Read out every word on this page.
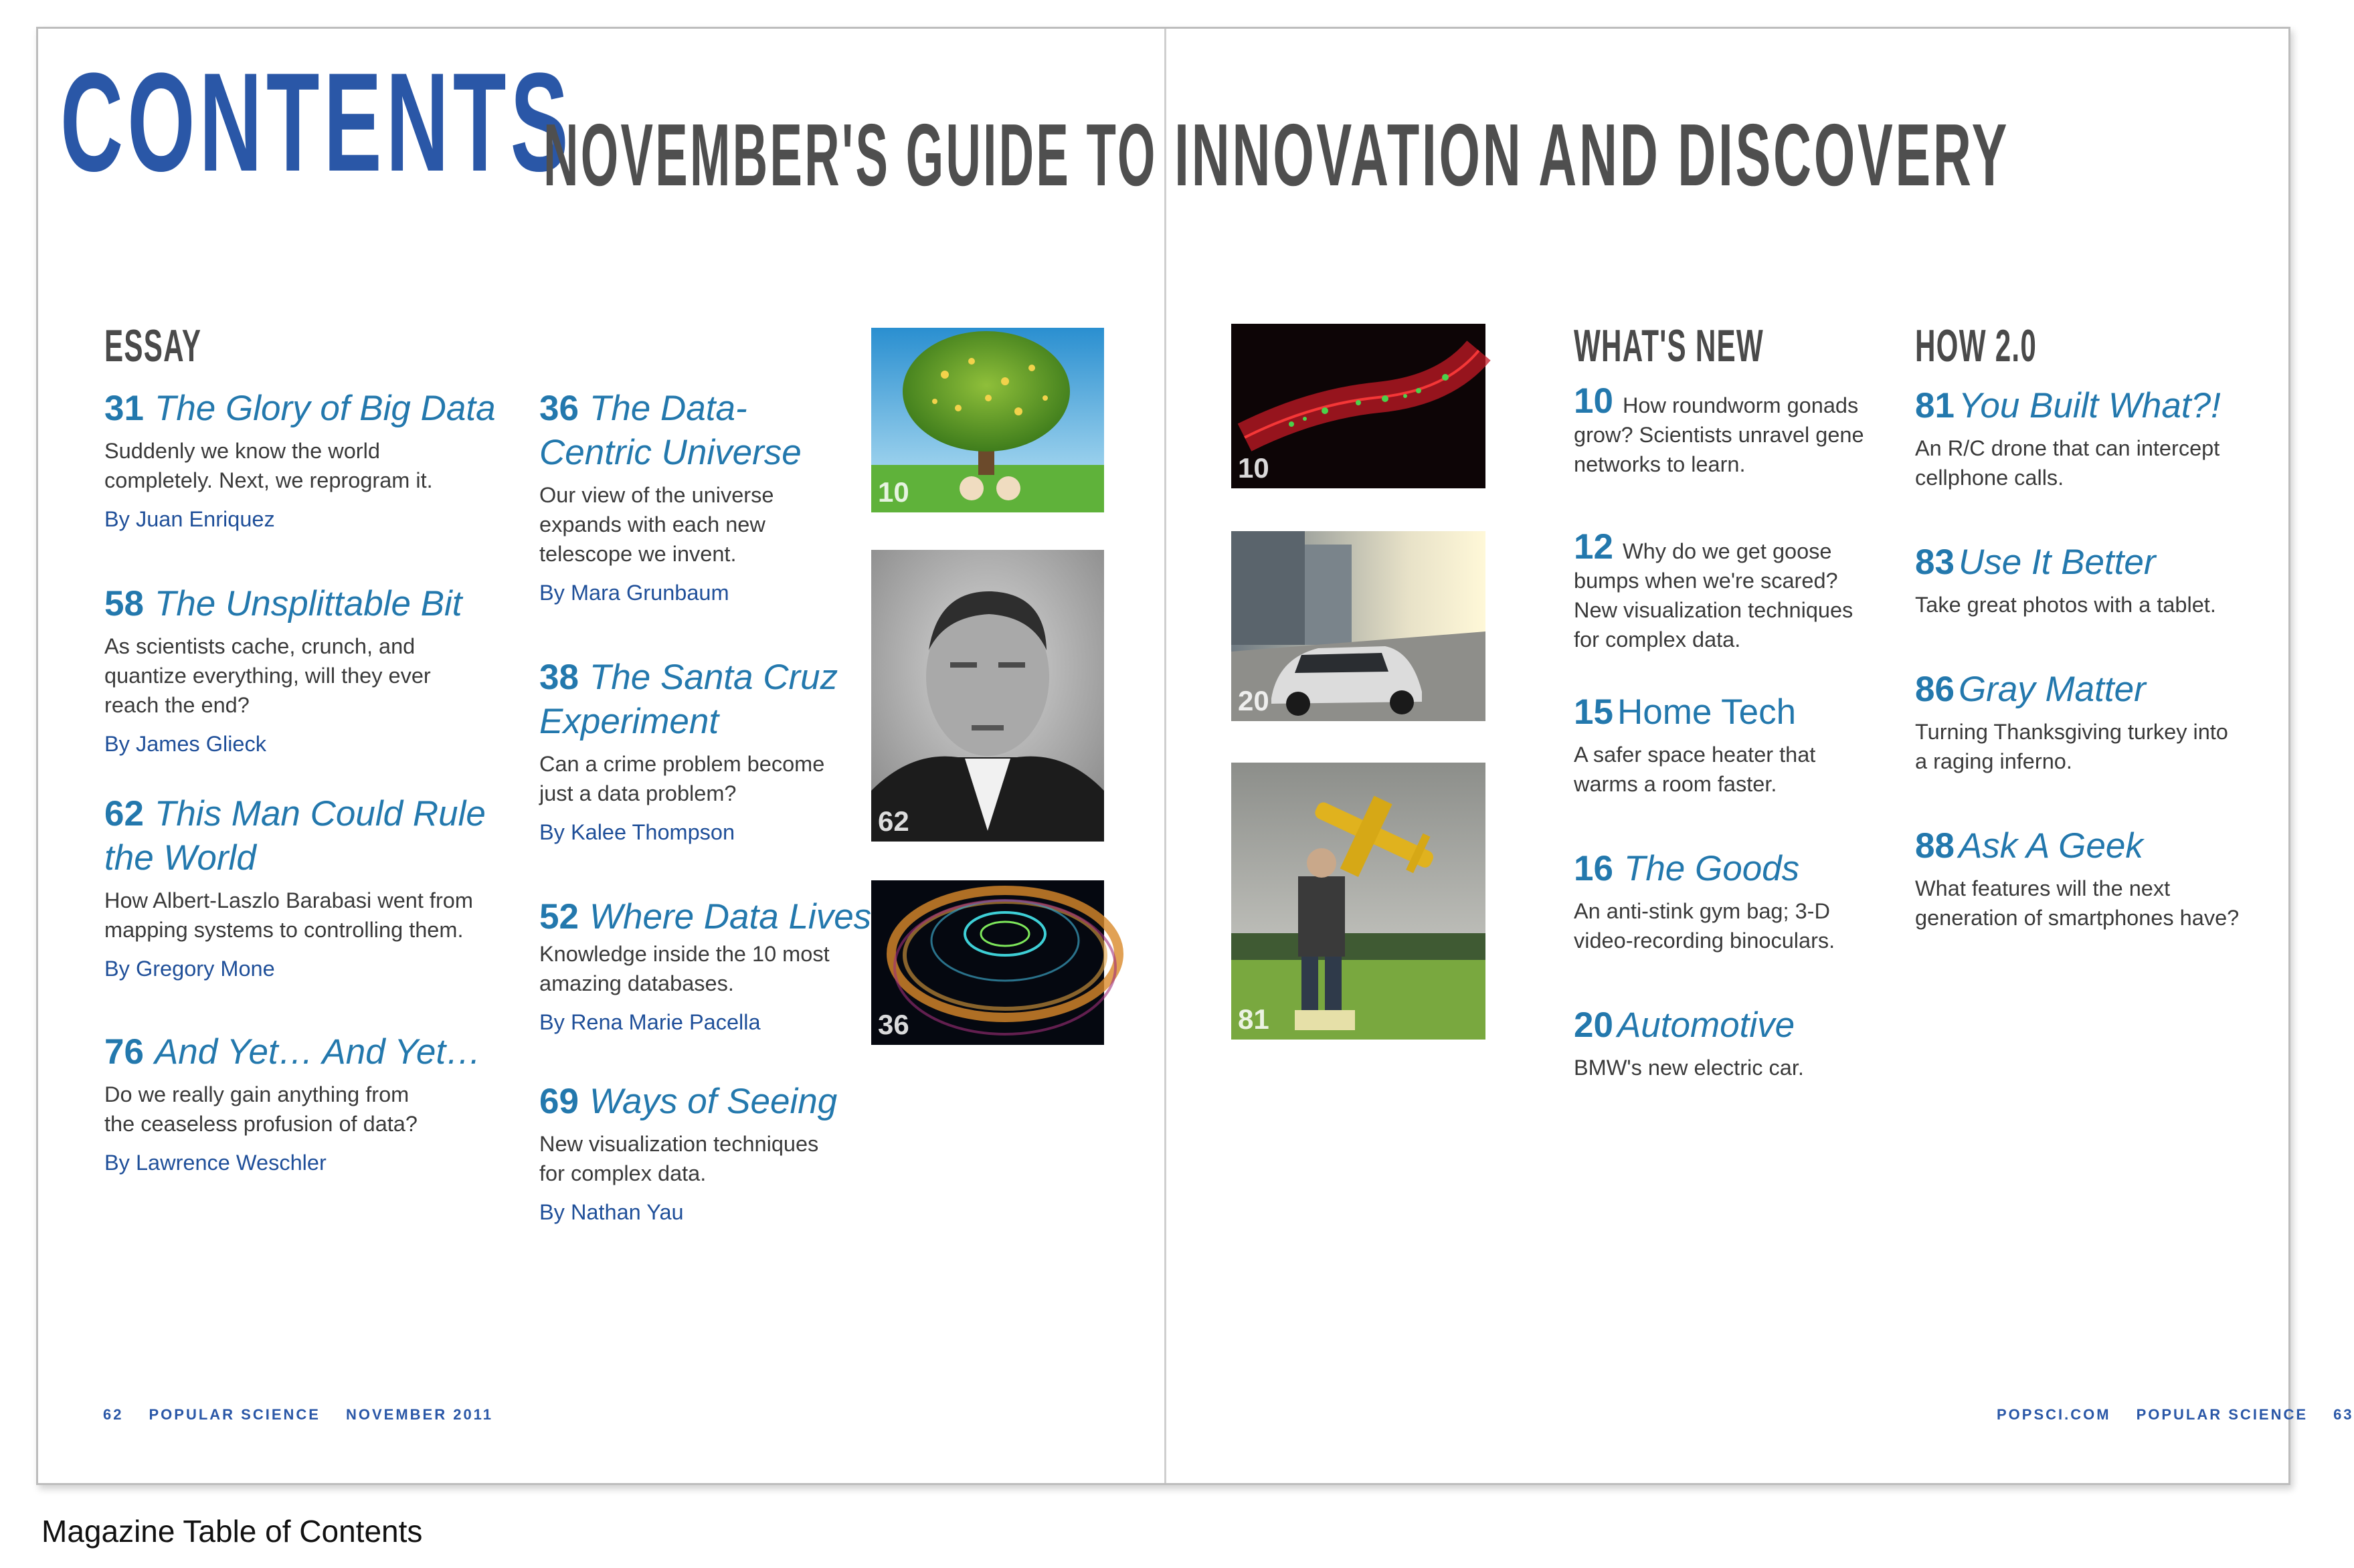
CONTENTS
NOVEMBER'S GUIDE TO INNOVATION AND DISCOVERY
ESSAY	WHAT'S NEW	HOW 2.0

31 The Glory of Big Data

Suddenly we know the world
completely. Next, we reprogram it.
By Juan Enriquez

58 The Unsplittable Bit

As scientists cache, crunch, and
quantize everything, will they ever
reach the end?
By James Glieck

62 This Man Could Rule
the World

How Albert-Laszlo Barabasi went from
mapping systems to controlling them.
By Gregory Mone

76 And Yet… And Yet…

Do we really gain anything from
the ceaseless profusion of data?
By Lawrence Weschler

36 The Data-
Centric Universe

Our view of the universe
expands with each new
telescope we invent.
By Mara Grunbaum

38 The Santa Cruz
Experiment

Can a crime problem become
just a data problem?
By Kalee Thompson

52 Where Data Lives

Knowledge inside the 10 most
amazing databases.
By Rena Marie Pacella

69 Ways of Seeing

New visualization techniques
for complex data.
By Nathan Yau
10
62
36
10
20
81
10 How roundworm gonads
grow? Scientists unravel gene
networks to learn.
12 Why do we get goose
bumps when we're scared?
New visualization techniques
for complex data.

15 Home Tech

A safer space heater that
warms a room faster.

16 The Goods

An anti-stink gym bag; 3-D
video-recording binoculars.

20 Automotive

BMW's new electric car.

81 You Built What?!

An R/C drone that can intercept
cellphone calls.

83 Use It Better

Take great photos with a tablet.

86 Gray Matter

Turning Thanksgiving turkey into
a raging inferno.

88 Ask A Geek

What features will the next
generation of smartphones have?
62 POPULAR SCIENCE NOVEMBER 2011	POPSCI.COM POPULAR SCIENCE 63
Magazine Table of Contents
